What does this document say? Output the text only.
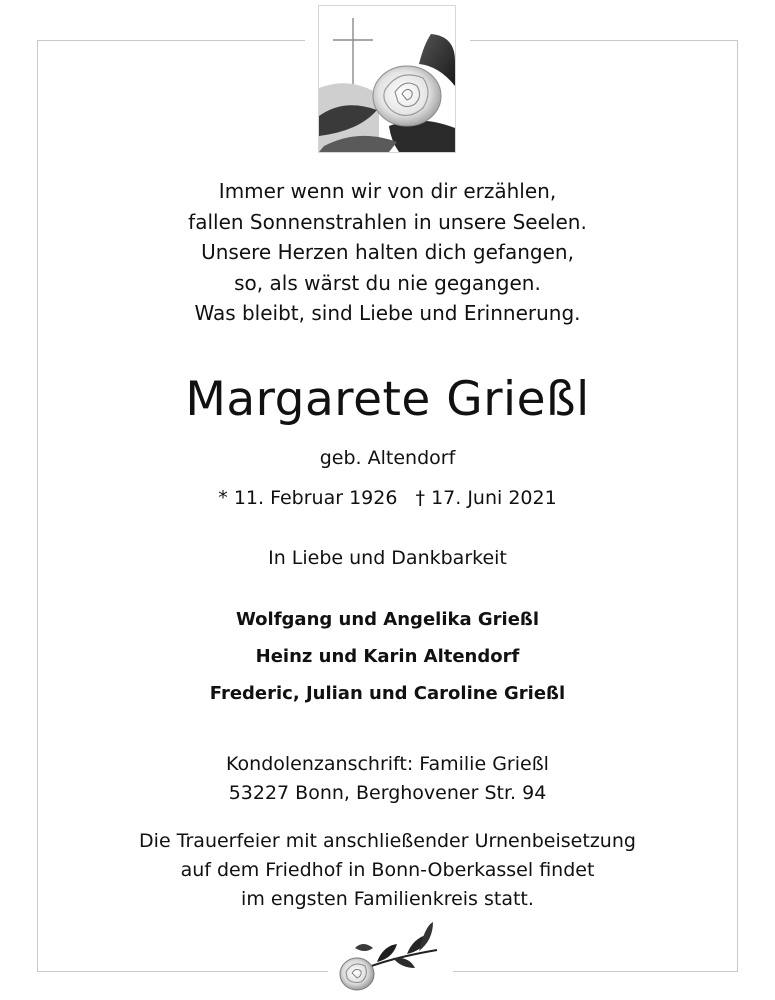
Immer wenn wir von dir erzählen,
fallen Sonnenstrahlen in unsere Seelen.
Unsere Herzen halten dich gefangen,
so, als wärst du nie gegangen.
Was bleibt, sind Liebe und Erinnerung.
Margarete Grießl
geb. Altendorf
* 11. Februar 1926   † 17. Juni 2021
In Liebe und Dankbarkeit
Wolfgang und Angelika Grießl
Heinz und Karin Altendorf
Frederic, Julian und Caroline Grießl
Kondolenzanschrift: Familie Grießl
53227 Bonn, Berghovener Str. 94
Die Trauerfeier mit anschließender Urnenbeisetzung
auf dem Friedhof in Bonn-Oberkassel findet
im engsten Familienkreis statt.
